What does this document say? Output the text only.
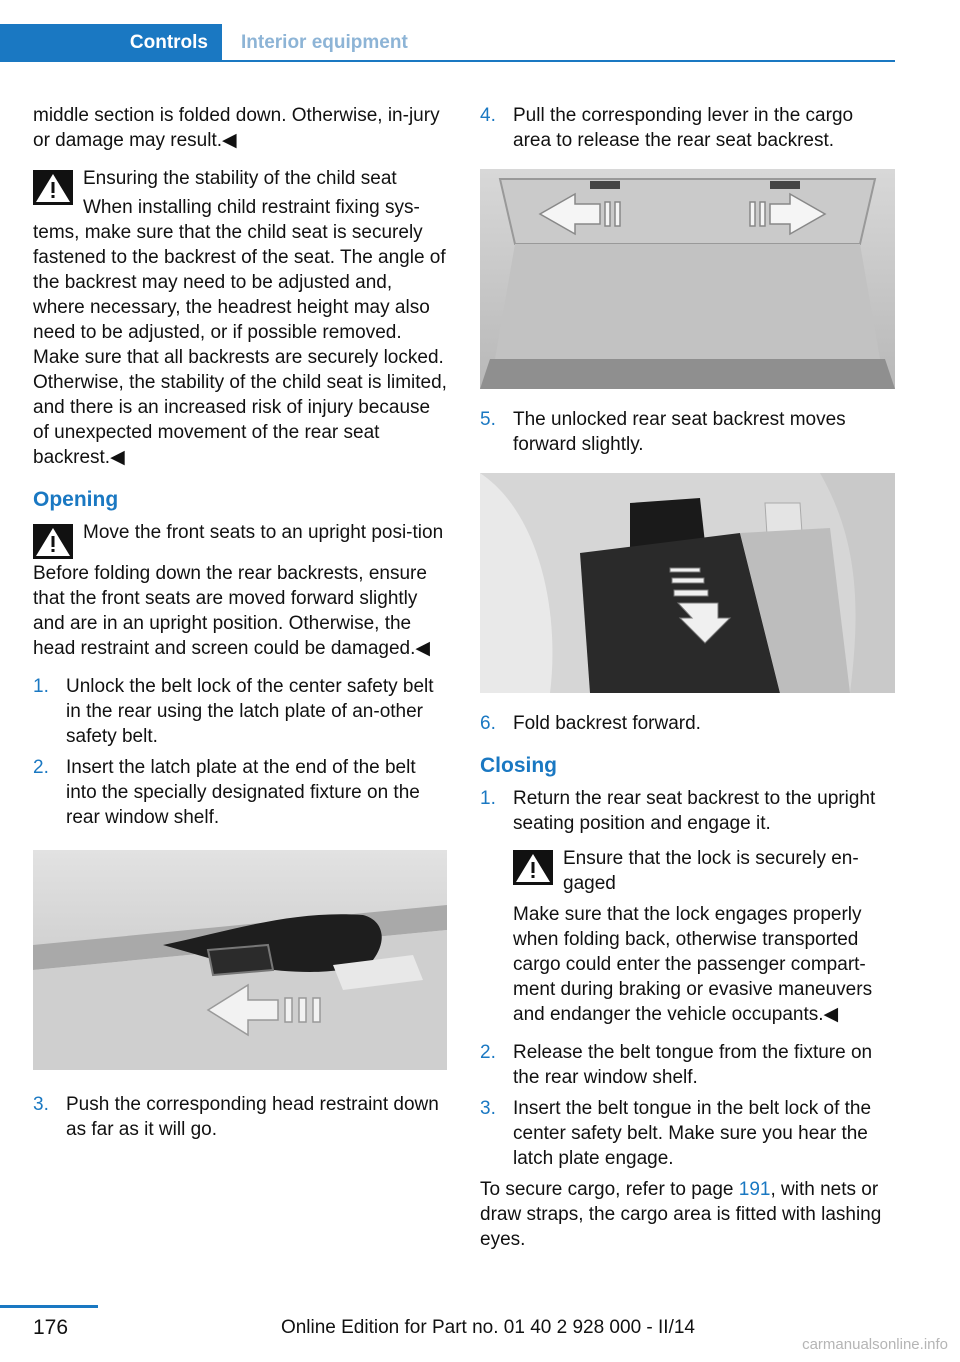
Controls	Interior equipment

middle section is folded down. Otherwise, in‐jury or damage may result.◀

Ensuring the stability of the child seat
When installing child restraint fixing sys‐

tems, make sure that the child seat is securely fastened to the backrest of the seat. The angle of the backrest may need to be adjusted and, where necessary, the headrest height may also need to be adjusted, or if possible removed. Make sure that all backrests are securely locked. Otherwise, the stability of the child seat is limited, and there is an increased risk of injury because of unexpected movement of the rear seat backrest.◀

Opening
Move the front seats to an upright posi‐tion

Before folding down the rear backrests, ensure that the front seats are moved forward slightly and are in an upright position. Otherwise, the head restraint and screen could be damaged.◀

1. Unlock the belt lock of the center safety belt in the rear using the latch plate of an‐other safety belt.
2. Insert the latch plate at the end of the belt into the specially designated fixture on the rear window shelf.
3. Push the corresponding head restraint down as far as it will go.
4. Pull the corresponding lever in the cargo area to release the rear seat backrest.
5. The unlocked rear seat backrest moves forward slightly.
6. Fold backrest forward.
Closing
1. Return the rear seat backrest to the upright seating position and engage it.
Ensure that the lock is securely en‐gaged

Make sure that the lock engages properly when folding back, otherwise transported cargo could enter the passenger compart‐ment during braking or evasive maneuvers and endanger the vehicle occupants.◀

2. Release the belt tongue from the fixture on the rear window shelf.
3. Insert the belt tongue in the belt lock of the center safety belt. Make sure you hear the latch plate engage.

To secure cargo, refer to page 191, with nets or draw straps, the cargo area is fitted with lashing eyes.

176	Online Edition for Part no. 01 40 2 928 000 - II/14
carmanualsonline.info
